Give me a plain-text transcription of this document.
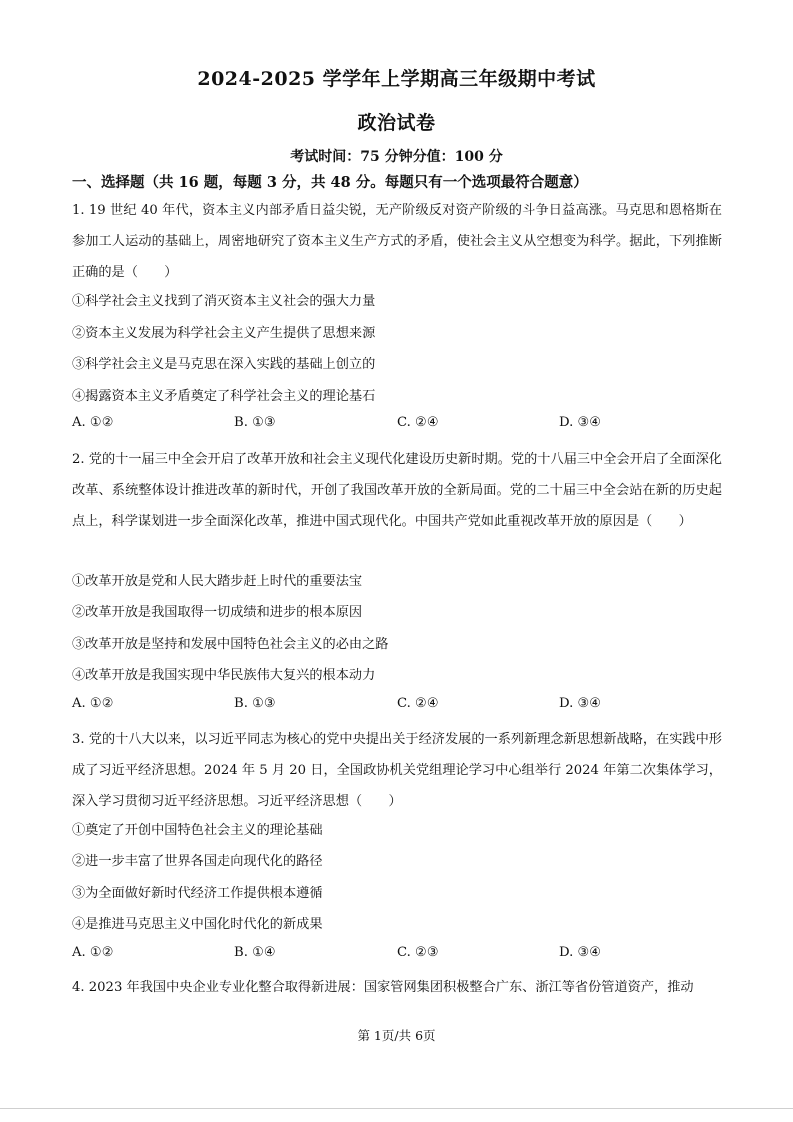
2024-2025 学学年上学期高三年级期中考试
政治试卷
考试时间：75 分钟分值：100 分
一、选择题（共 16 题，每题 3 分，共 48 分。每题只有一个选项最符合题意）

1. 19 世纪 40 年代，资本主义内部矛盾日益尖锐，无产阶级反对资产阶级的斗争日益高涨。马克思和恩格斯在参加工人运动的基础上，周密地研究了资本主义生产方式的矛盾，使社会主义从空想变为科学。据此，下列推断正确的是（　　）

①科学社会主义找到了消灭资本主义社会的强大力量
②资本主义发展为科学社会主义产生提供了思想来源
③科学社会主义是马克思在深入实践的基础上创立的
④揭露资本主义矛盾奠定了科学社会主义的理论基石
A. ①②	B. ①③	C. ②④	D. ③④

2. 党的十一届三中全会开启了改革开放和社会主义现代化建设历史新时期。党的十八届三中全会开启了全面深化改革、系统整体设计推进改革的新时代，开创了我国改革开放的全新局面。党的二十届三中全会站在新的历史起点上，科学谋划进一步全面深化改革，推进中国式现代化。中国共产党如此重视改革开放的原因是（　　）

①改革开放是党和人民大踏步赶上时代的重要法宝
②改革开放是我国取得一切成绩和进步的根本原因
③改革开放是坚持和发展中国特色社会主义的必由之路
④改革开放是我国实现中华民族伟大复兴的根本动力
A. ①②	B. ①③	C. ②④	D. ③④

3. 党的十八大以来，以习近平同志为核心的党中央提出关于经济发展的一系列新理念新思想新战略，在实践中形成了习近平经济思想。2024 年 5 月 20 日，全国政协机关党组理论学习中心组举行 2024 年第二次集体学习，深入学习贯彻习近平经济思想。习近平经济思想（　　）

①奠定了开创中国特色社会主义的理论基础
②进一步丰富了世界各国走向现代化的路径
③为全面做好新时代经济工作提供根本遵循
④是推进马克思主义中国化时代化的新成果
A. ①②	B. ①④	C. ②③	D. ③④

4. 2023 年我国中央企业专业化整合取得新进展：国家管网集团积极整合广东、浙江等省份管道资产，推动

第 1页/共 6页
